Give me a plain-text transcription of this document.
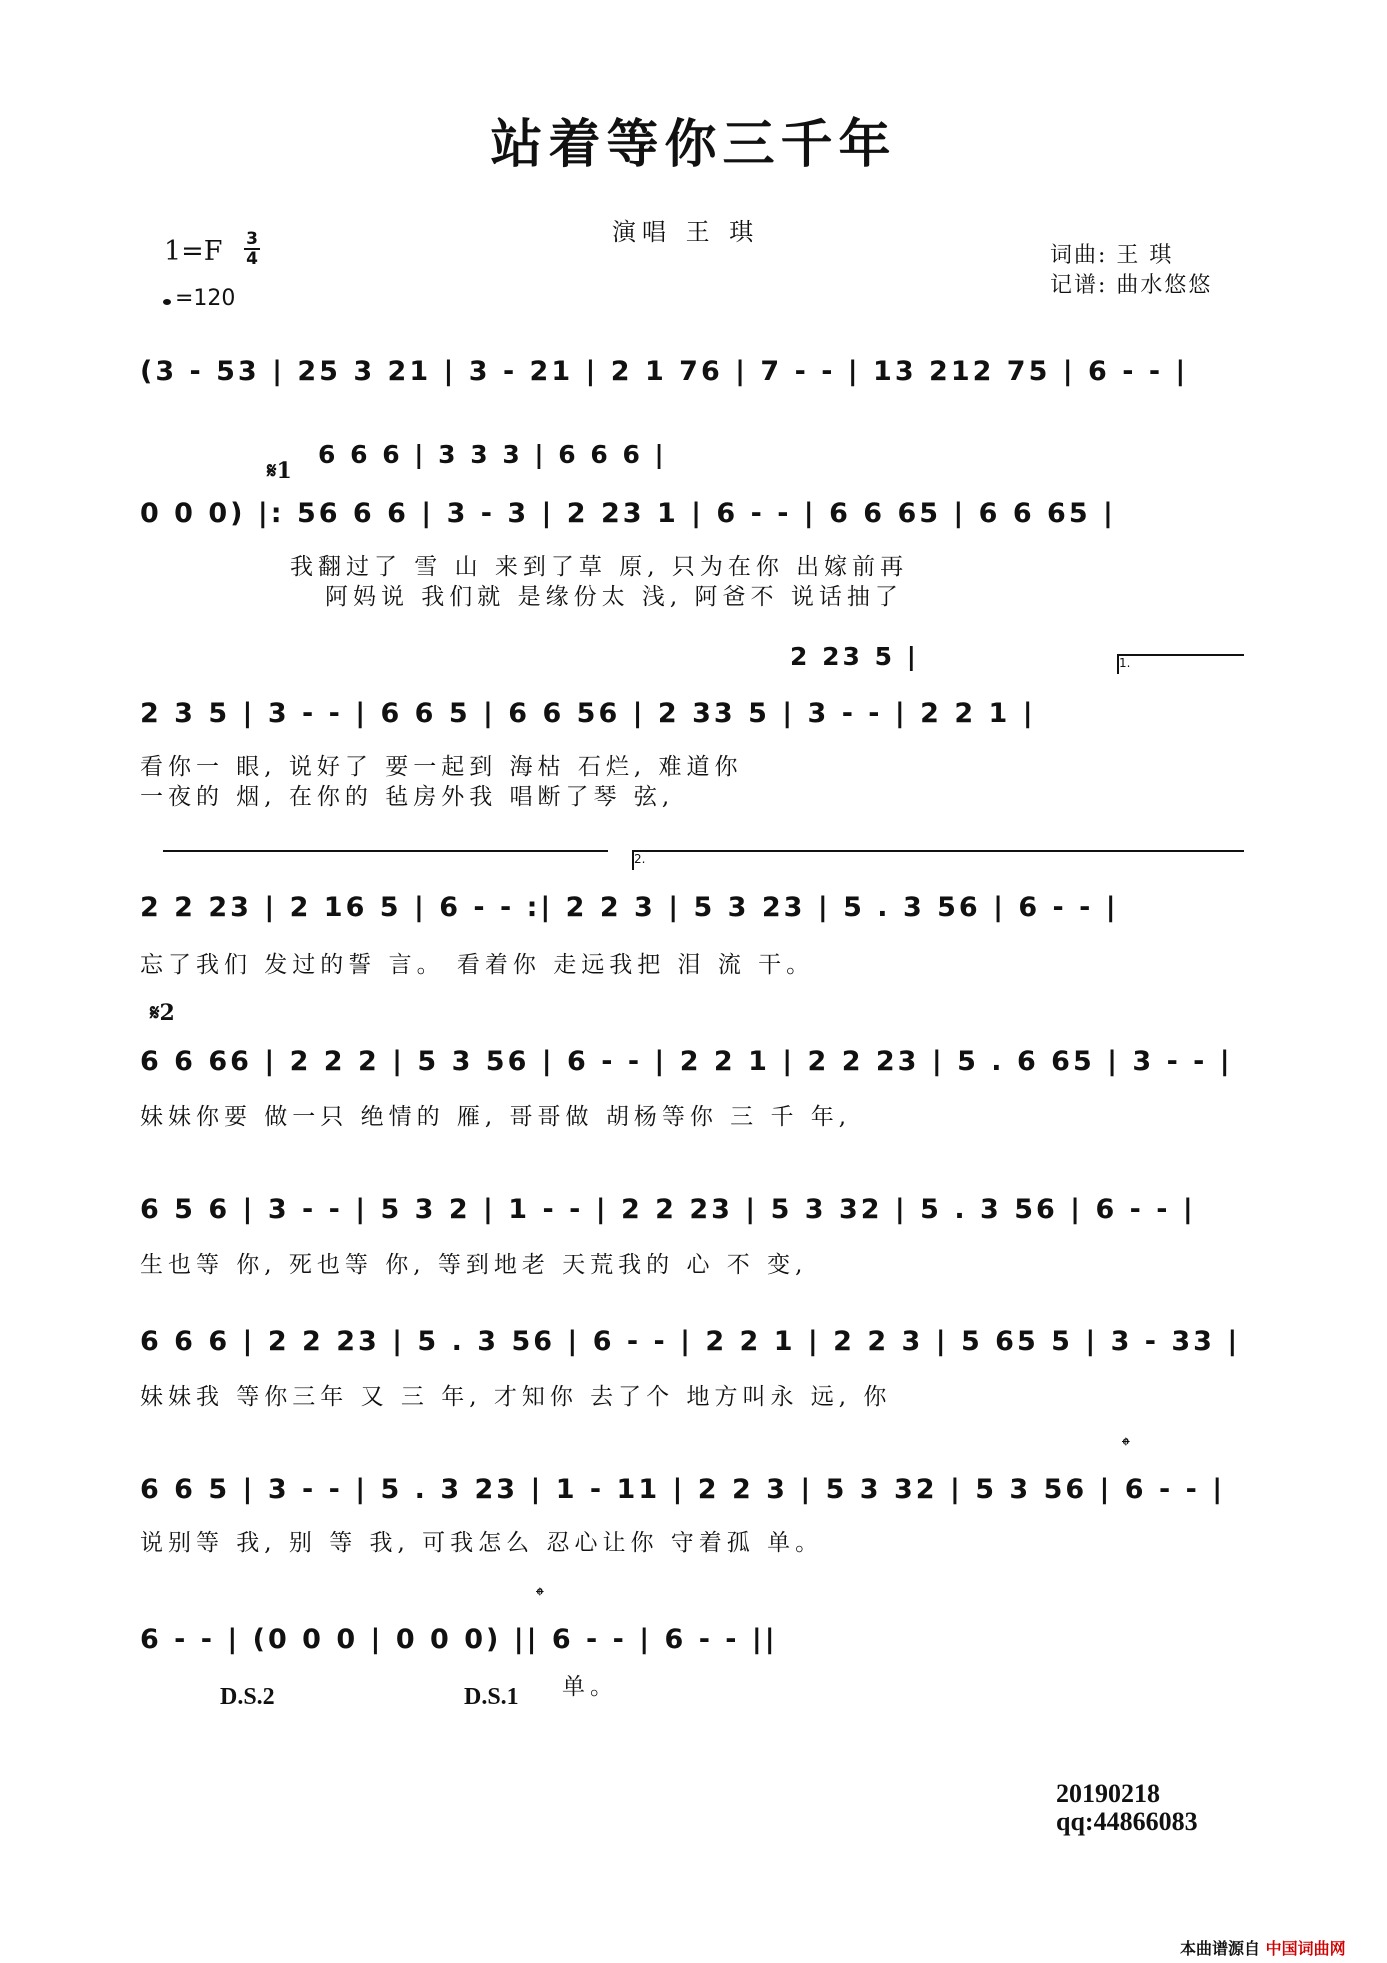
站着等你三千年
演唱 王 琪
$1=F \frac{3}{4}$
=120
词曲: 王 琪
记谱: 曲水悠悠
(3 - 53 | 25 3 21 | 3 - 21 | 2 1 76 | 7 - - | 13 212 75 | 6 - - |
𝄋1
6 6 6 | 3 3 3 | 6 6 6 |
0 0 0) |: 56 6 6 | 3 - 3 | 2 23 1 | 6 - - | 6 6 65 | 6 6 65 |
我翻过了 雪 山 来到了草 原, 只为在你 出嫁前再
阿妈说 我们就 是缘份太 浅, 阿爸不 说话抽了
2 23 5 |	1.
2 3 5 | 3 - - | 6 6 5 | 6 6 56 | 2 33 5 | 3 - - | 2 2 1 |
看你一 眼, 说好了 要一起到 海枯 石烂, 难道你
一夜的 烟, 在你的 毡房外我 唱断了琴 弦,
2.
2 2 23 | 2 16 5 | 6 - - :| 2 2 3 | 5 3 23 | 5 . 3 56 | 6 - - |
忘了我们 发过的誓 言。 看着你 走远我把 泪 流 干。
𝄋2
6 6 66 | 2 2 2 | 5 3 56 | 6 - - | 2 2 1 | 2 2 23 | 5 . 6 65 | 3 - - |
妹妹你要 做一只 绝情的 雁, 哥哥做 胡杨等你 三 千 年,
6 5 6 | 3 - - | 5 3 2 | 1 - - | 2 2 23 | 5 3 32 | 5 . 3 56 | 6 - - |
生也等 你, 死也等 你, 等到地老 天荒我的 心 不 变,
6 6 6 | 2 2 23 | 5 . 3 56 | 6 - - | 2 2 1 | 2 2 3 | 5 65 5 | 3 - 33 |
妹妹我 等你三年 又 三 年, 才知你 去了个 地方叫永 远, 你
𝄌
6 6 5 | 3 - - | 5 . 3 23 | 1 - 11 | 2 2 3 | 5 3 32 | 5 3 56 | 6 - - |
说别等 我, 别 等 我, 可我怎么 忍心让你 守着孤 单。
𝄌
6 - - | (0 0 0 | 0 0 0) || 6 - - | 6 - - ||
D.S.2	D.S.1 单。
20190218
qq:44866083
本曲谱源自 中国词曲网
